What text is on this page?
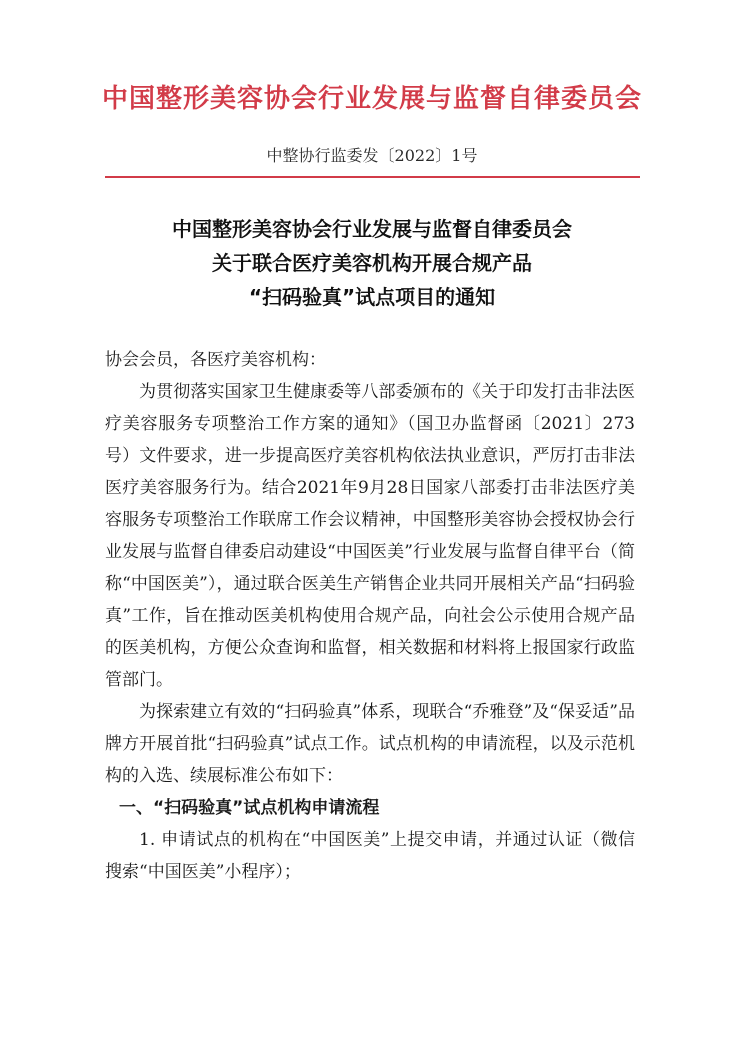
中国整形美容协会行业发展与监督自律委员会
中整协行监委发〔2022〕1号
中国整形美容协会行业发展与监督自律委员会
关于联合医疗美容机构开展合规产品
“扫码验真”试点项目的通知

协会会员，各医疗美容机构：

为贯彻落实国家卫生健康委等八部委颁布的《关于印发打击非法医疗美容服务专项整治工作方案的通知》（国卫办监督函〔2021〕273号）文件要求，进一步提高医疗美容机构依法执业意识，严厉打击非法医疗美容服务行为。结合2021年9月28日国家八部委打击非法医疗美容服务专项整治工作联席工作会议精神，中国整形美容协会授权协会行业发展与监督自律委启动建设“中国医美”行业发展与监督自律平台（简称“中国医美”），通过联合医美生产销售企业共同开展相关产品“扫码验真”工作，旨在推动医美机构使用合规产品，向社会公示使用合规产品的医美机构，方便公众查询和监督，相关数据和材料将上报国家行政监管部门。

为探索建立有效的“扫码验真”体系，现联合“乔雅登”及“保妥适”品牌方开展首批“扫码验真”试点工作。试点机构的申请流程，以及示范机构的入选、续展标准公布如下：

一、“扫码验真”试点机构申请流程

1. 申请试点的机构在“中国医美”上提交申请，并通过认证（微信搜索“中国医美”小程序）；
